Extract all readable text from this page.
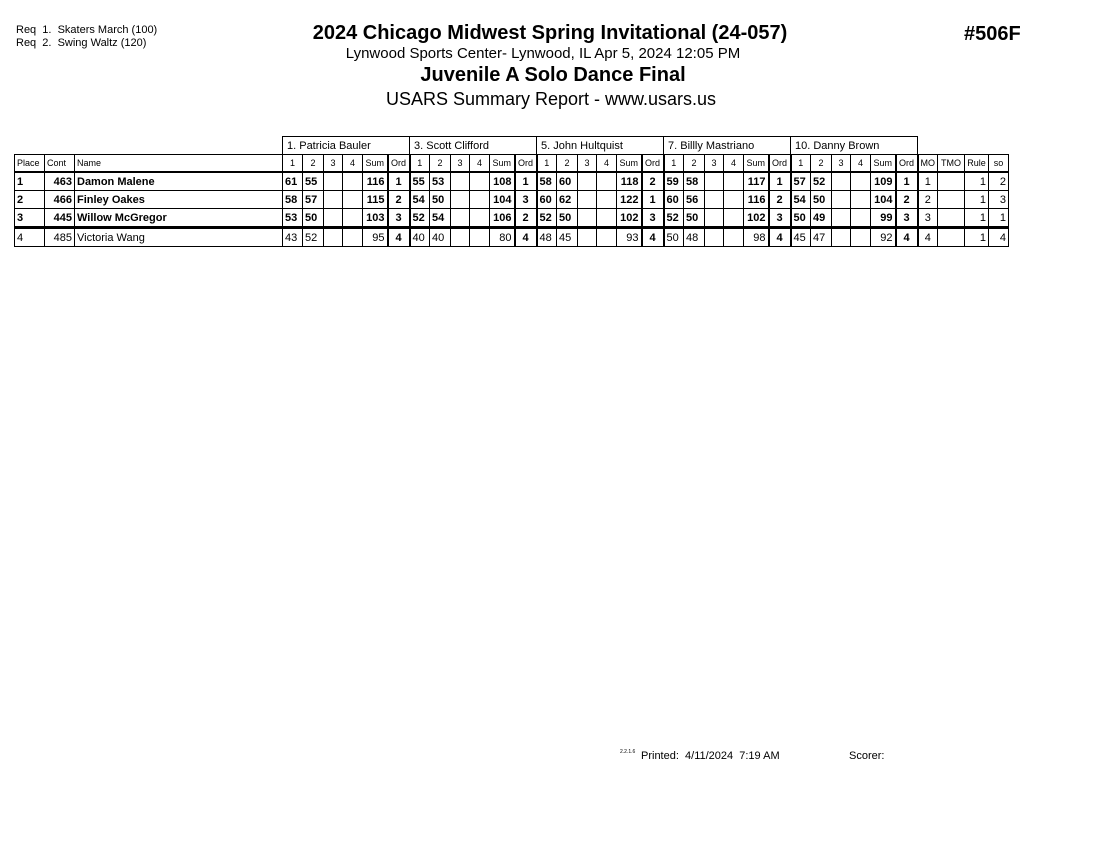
Req  1.  Skaters March (100)
Req  2.  Swing Waltz (120)	2024 Chicago Midwest Spring Invitational (24-057)
Lynwood Sports Center- Lynwood, IL Apr 5, 2024 12:05 PM
Juvenile A Solo Dance Final
USARS Summary Report - www.usars.us
#506F
			1. Patricia Bauler						3. Scott Clifford						5. John Hultquist						7. Billly Mastriano						10. Danny Brown									
Place	Cont	Name	1	2	3	4	Sum	Ord	1	2	3	4	Sum	Ord	1	2	3	4	Sum	Ord	1	2	3	4	Sum	Ord	1	2	3	4	Sum	Ord	MO	TMO	Rule	so
1	463	Damon Malene	61	55			116	1	55	53			108	1	58	60			118	2	59	58			117	1	57	52			109	1	1		1	2
2	466	Finley Oakes	58	57			115	2	54	50			104	3	60	62			122	1	60	56			116	2	54	50			104	2	2		1	3
3	445	Willow McGregor	53	50			103	3	52	54			106	2	52	50			102	3	52	50			102	3	50	49			99	3	3		1	1
4	485	Victoria Wang	43	52			95	4	40	40			80	4	48	45			93	4	50	48			98	4	45	47			92	4	4		1	4
2.2.1.6 Printed:  4/11/2024  7:19 AM	Scorer:
